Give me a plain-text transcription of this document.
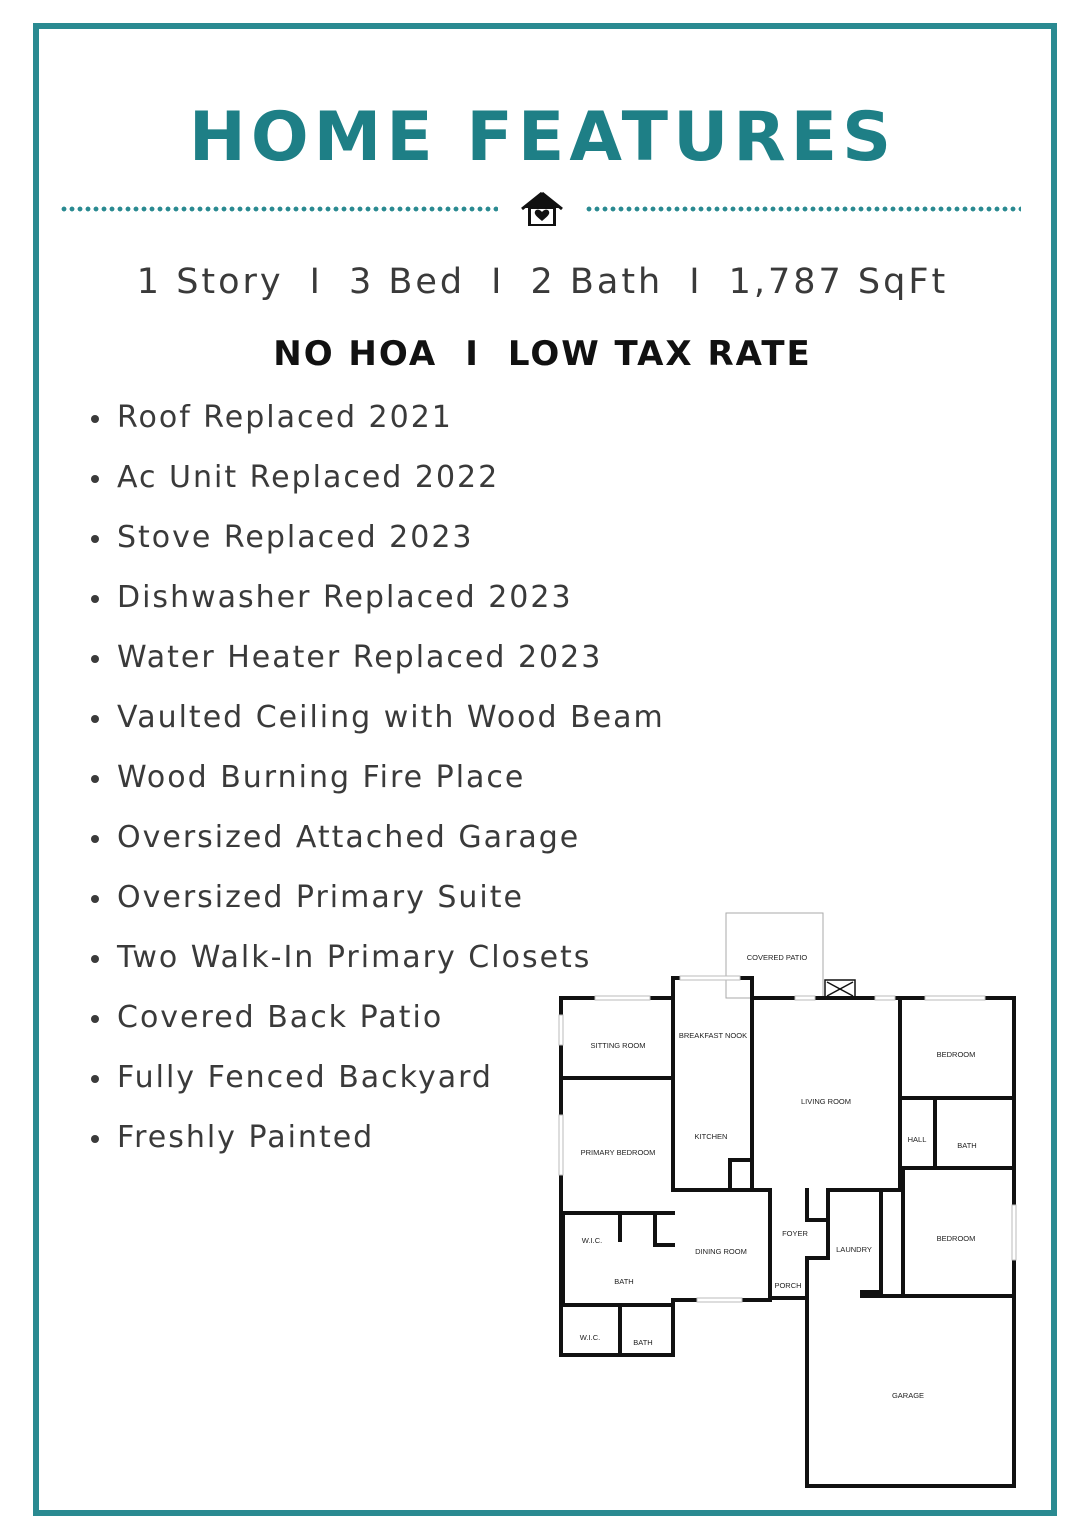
HOME FEATURES

1 Story I 3 Bed I 2 Bath I 1,787 SqFt

NO HOA I LOW TAX RATE

Roof Replaced 2021
Ac Unit Replaced 2022
Stove Replaced 2023
Dishwasher Replaced 2023
Water Heater Replaced 2023
Vaulted Ceiling with Wood Beam
Wood Burning Fire Place
Oversized Attached Garage
Oversized Primary Suite
Two Walk-In Primary Closets
Covered Back Patio
Fully Fenced Backyard
Freshly Painted
COVERED PATIO
SITTING ROOM
BREAKFAST NOOK
LIVING ROOM
BEDROOM
HALL
BATH
KITCHEN
PRIMARY BEDROOM
W.I.C.
BATH
DINING ROOM
FOYER
LAUNDRY
BEDROOM
PORCH
W.I.C.
BATH
GARAGE
